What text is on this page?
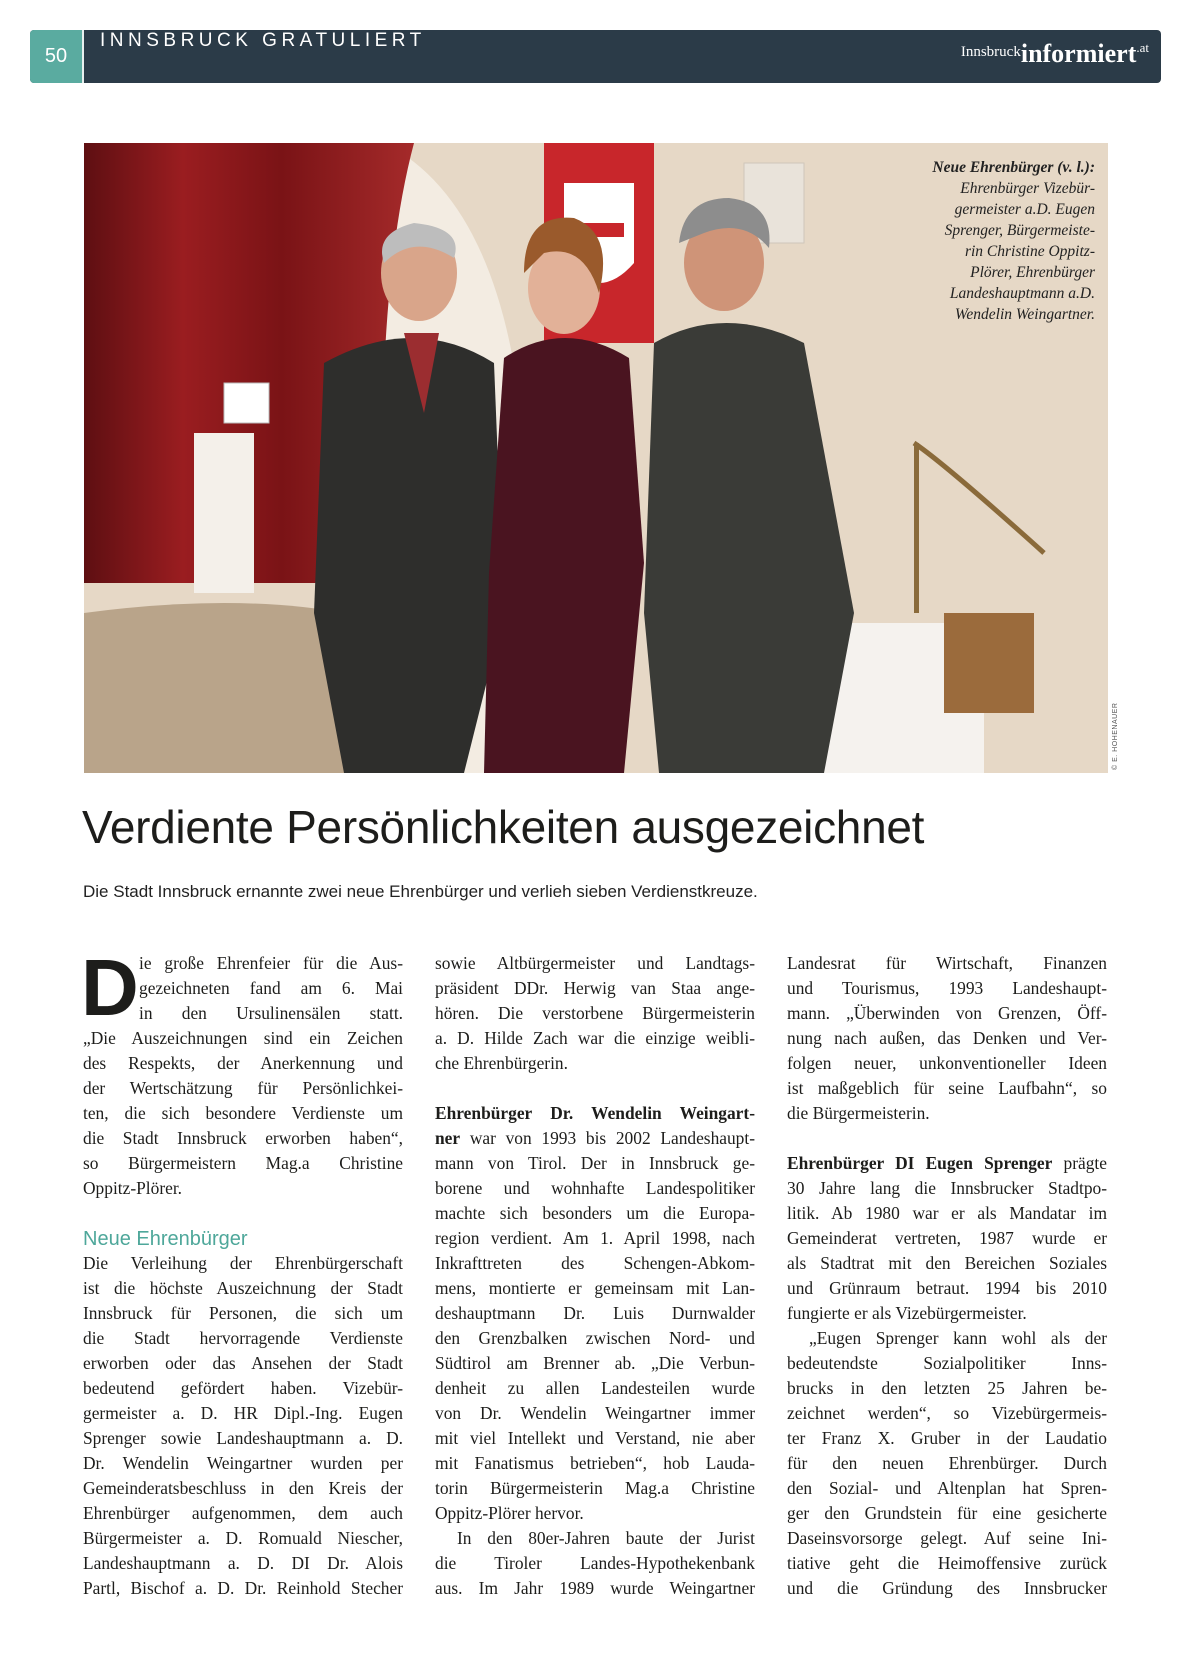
50
INNSBRUCK GRATULIERT
Innsbruckinformiert$^{.at}$
Neue Ehrenbürger (v. l.):
Ehrenbürger Vizebür-
germeister a.D. Eugen
Sprenger, Bürgermeiste-
rin Christine Oppitz-
Plörer, Ehrenbürger
Landeshauptmann a.D.
Wendelin Weingartner.
© E. HOHENAUER
Verdiente Persönlichkeiten ausgezeichnet
Die Stadt Innsbruck ernannte zwei neue Ehrenbürger und verlieh sieben Verdienstkreuze.
D ie große Ehrenfeier für die Aus-
gezeichneten fand am 6. Mai
in den Ursulinensälen statt.
„Die Auszeichnungen sind ein Zeichen
des Respekts, der Anerkennung und
der Wertschätzung für Persönlichkei-
ten, die sich besondere Verdienste um
die Stadt Innsbruck erworben haben“,
so Bürgermeistern Mag.a Christine
Oppitz-Plörer.

Neue Ehrenbürger
Die Verleihung der Ehrenbürgerschaft
ist die höchste Auszeichnung der Stadt
Innsbruck für Personen, die sich um
die Stadt hervorragende Verdienste
erworben oder das Ansehen der Stadt
bedeutend gefördert haben. Vizebür-
germeister a. D. HR Dipl.-Ing. Eugen
Sprenger sowie Landeshauptmann a. D.
Dr. Wendelin Weingartner wurden per
Gemeinderatsbeschluss in den Kreis der
Ehrenbürger aufgenommen, dem auch
Bürgermeister a. D. Romuald Niescher,
Landeshauptmann a. D. DI Dr. Alois
Partl, Bischof a. D. Dr. Reinhold Stecher
sowie Altbürgermeister und Landtags-
präsident DDr. Herwig van Staa ange-
hören. Die verstorbene Bürgermeisterin
a. D. Hilde Zach war die einzige weibli-
che Ehrenbürgerin.

Ehrenbürger Dr. Wendelin Weingart-
ner war von 1993 bis 2002 Landeshaupt-
mann von Tirol. Der in Innsbruck ge-
borene und wohnhafte Landespolitiker
machte sich besonders um die Europa-
region verdient. Am 1. April 1998, nach
Inkrafttreten des Schengen-Abkom-
mens, montierte er gemeinsam mit Lan-
deshauptmann Dr. Luis Durnwalder
den Grenzbalken zwischen Nord- und
Südtirol am Brenner ab. „Die Verbun-
denheit zu allen Landesteilen wurde
von Dr. Wendelin Weingartner immer
mit viel Intellekt und Verstand, nie aber
mit Fanatismus betrieben“, hob Lauda-
torin Bürgermeisterin Mag.a Christine
Oppitz-Plörer hervor.
In den 80er-Jahren baute der Jurist
die Tiroler Landes-Hypothekenbank
aus. Im Jahr 1989 wurde Weingartner
Landesrat für Wirtschaft, Finanzen
und Tourismus, 1993 Landeshaupt-
mann. „Überwinden von Grenzen, Öff-
nung nach außen, das Denken und Ver-
folgen neuer, unkonventioneller Ideen
ist maßgeblich für seine Laufbahn“, so
die Bürgermeisterin.

Ehrenbürger DI Eugen Sprenger prägte
30 Jahre lang die Innsbrucker Stadtpo-
litik. Ab 1980 war er als Mandatar im
Gemeinderat vertreten, 1987 wurde er
als Stadtrat mit den Bereichen Soziales
und Grünraum betraut. 1994 bis 2010
fungierte er als Vizebürgermeister.
„Eugen Sprenger kann wohl als der
bedeutendste Sozialpolitiker Inns-
brucks in den letzten 25 Jahren be-
zeichnet werden“, so Vizebürgermeis-
ter Franz X. Gruber in der Laudatio
für den neuen Ehrenbürger. Durch
den Sozial- und Altenplan hat Spren-
ger den Grundstein für eine gesicherte
Daseinsvorsorge gelegt. Auf seine Ini-
tiative geht die Heimoffensive zurück
und die Gründung des Innsbrucker
